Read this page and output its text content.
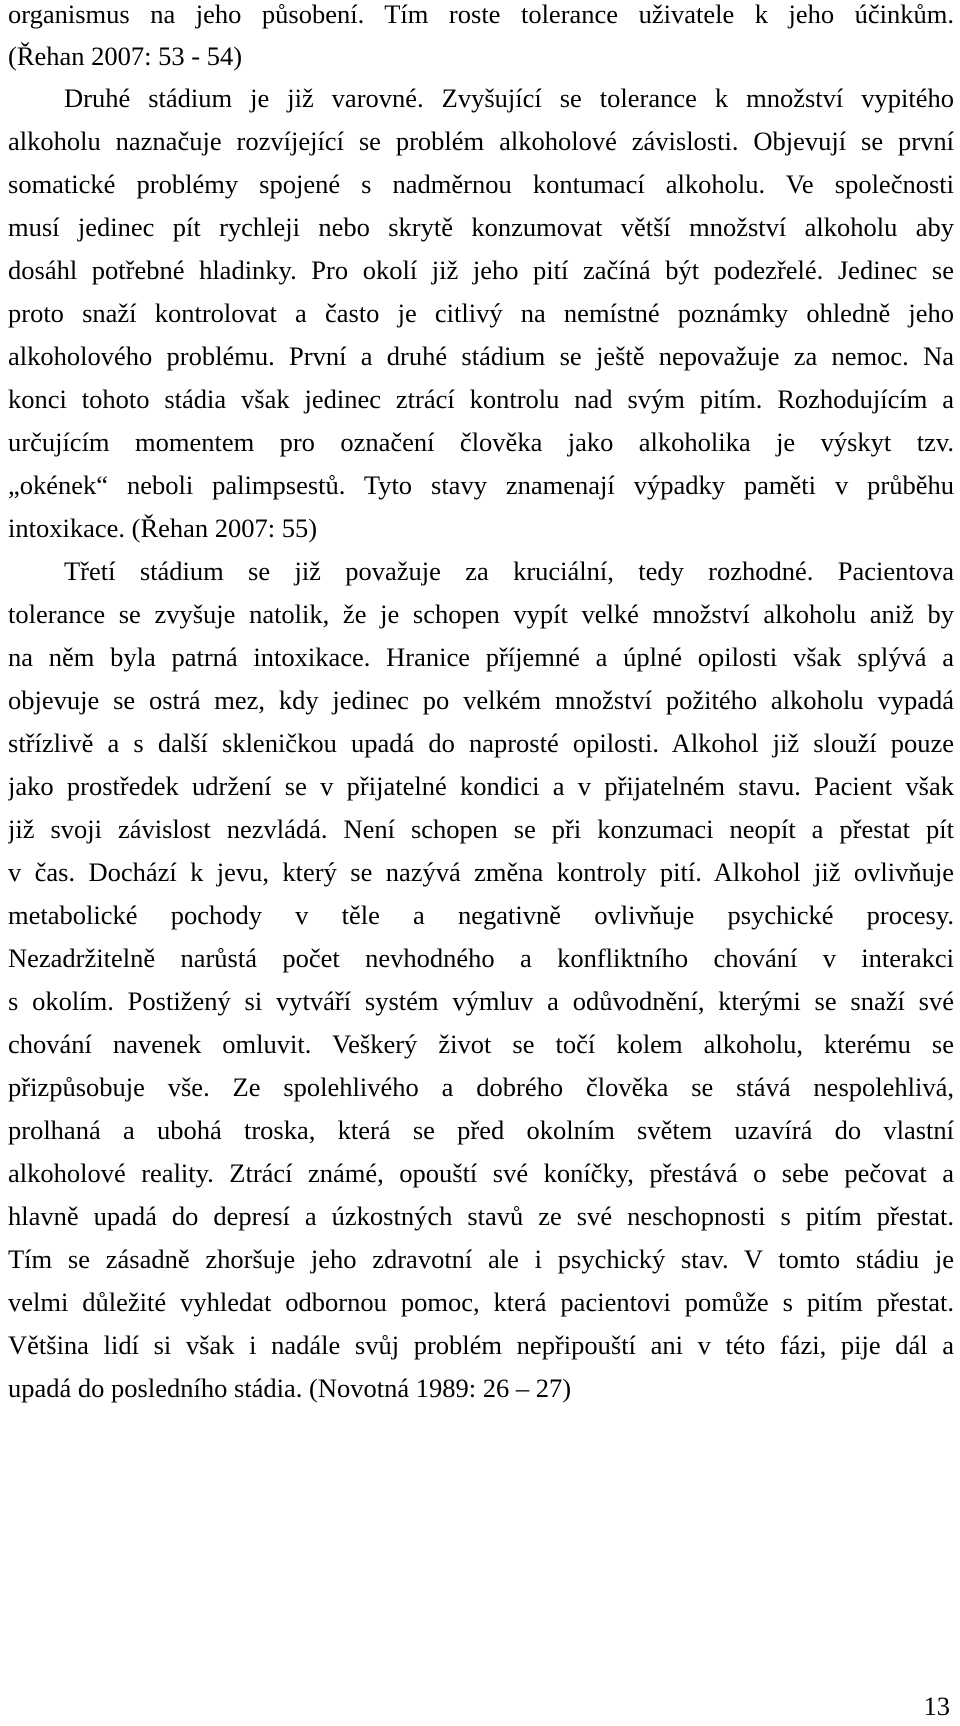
organismus na jeho působení. Tím roste tolerance uživatele k jeho účinkům.
(Řehan 2007: 53 - 54)
Druhé stádium je již varovné. Zvyšující se tolerance k množství vypitého
alkoholu naznačuje rozvíjející se problém alkoholové závislosti. Objevují se první
somatické problémy spojené s nadměrnou kontumací alkoholu. Ve společnosti
musí jedinec pít rychleji nebo skrytě konzumovat větší množství alkoholu aby
dosáhl potřebné hladinky. Pro okolí již jeho pití začíná být podezřelé. Jedinec se
proto snaží kontrolovat a často je citlivý na nemístné poznámky ohledně jeho
alkoholového problému. První a druhé stádium se ještě nepovažuje za nemoc. Na
konci tohoto stádia však jedinec ztrácí kontrolu nad svým pitím. Rozhodujícím a
určujícím momentem pro označení člověka jako alkoholika je výskyt tzv.
„okének“ neboli palimpsestů. Tyto stavy znamenají výpadky paměti v průběhu
intoxikace. (Řehan 2007: 55)
Třetí stádium se již považuje za kruciální, tedy rozhodné. Pacientova
tolerance se zvyšuje natolik, že je schopen vypít velké množství alkoholu aniž by
na něm byla patrná intoxikace. Hranice příjemné a úplné opilosti však splývá a
objevuje se ostrá mez, kdy jedinec po velkém množství požitého alkoholu vypadá
střízlivě a s další skleničkou upadá do naprosté opilosti. Alkohol již slouží pouze
jako prostředek udržení se v přijatelné kondici a v přijatelném stavu. Pacient však
již svoji závislost nezvládá. Není schopen se při konzumaci neopít a přestat pít
v čas. Dochází k jevu, který se nazývá změna kontroly pití. Alkohol již ovlivňuje
metabolické pochody v těle a negativně ovlivňuje psychické procesy.
Nezadržitelně narůstá počet nevhodného a konfliktního chování v interakci
s okolím. Postižený si vytváří systém výmluv a odůvodnění, kterými se snaží své
chování navenek omluvit. Veškerý život se točí kolem alkoholu, kterému se
přizpůsobuje vše. Ze spolehlivého a dobrého člověka se stává nespolehlivá,
prolhaná a ubohá troska, která se před okolním světem uzavírá do vlastní
alkoholové reality. Ztrácí známé, opouští své koníčky, přestává o sebe pečovat a
hlavně upadá do depresí a úzkostných stavů ze své neschopnosti s pitím přestat.
Tím se zásadně zhoršuje jeho zdravotní ale i psychický stav. V tomto stádiu je
velmi důležité vyhledat odbornou pomoc, která pacientovi pomůže s pitím přestat.
Většina lidí si však i nadále svůj problém nepřipouští ani v této fázi, pije dál a
upadá do posledního stádia. (Novotná 1989: 26 – 27)
13
